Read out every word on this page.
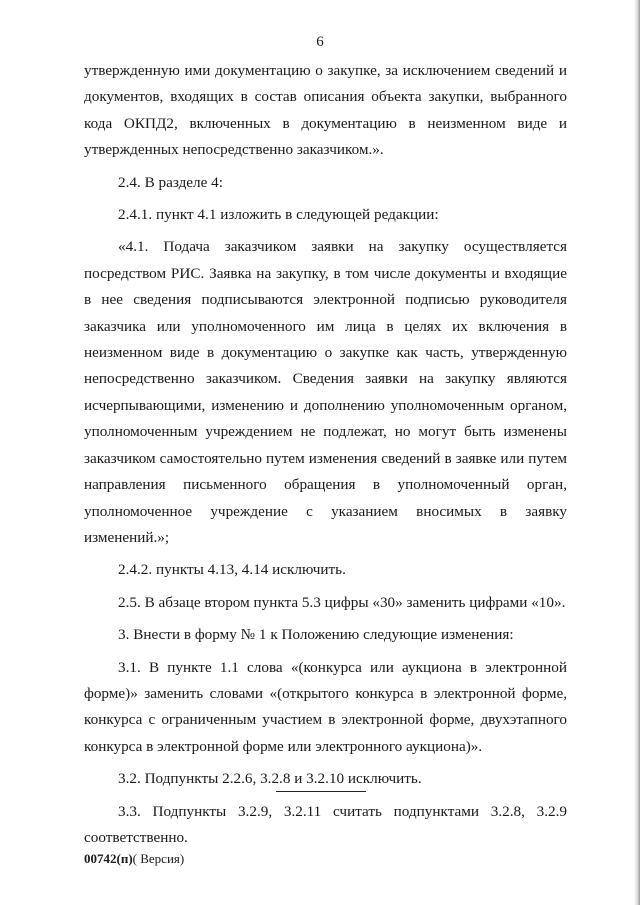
6

утвержденную ими документацию о закупке, за исключением сведений и документов, входящих в состав описания объекта закупки, выбранного кода ОКПД2, включенных в документацию в неизменном виде и утвержденных непосредственно заказчиком.».

2.4. В разделе 4:

2.4.1. пункт 4.1 изложить в следующей редакции:

«4.1. Подача заказчиком заявки на закупку осуществляется посредством РИС. Заявка на закупку, в том числе документы и входящие в нее сведения подписываются электронной подписью руководителя заказчика или уполномоченного им лица в целях их включения в неизменном виде в документацию о закупке как часть, утвержденную непосредственно заказчиком. Сведения заявки на закупку являются исчерпывающими, изменению и дополнению уполномоченным органом, уполномоченным учреждением не подлежат, но могут быть изменены заказчиком самостоятельно путем изменения сведений в заявке или путем направления письменного обращения в уполномоченный орган, уполномоченное учреждение с указанием вносимых в заявку изменений.»;

2.4.2. пункты 4.13, 4.14 исключить.

2.5. В абзаце втором пункта 5.3 цифры «30» заменить цифрами «10».

3. Внести в форму № 1 к Положению следующие изменения:

3.1. В пункте 1.1 слова «(конкурса или аукциона в электронной форме)» заменить словами «(открытого конкурса в электронной форме, конкурса с ограниченным участием в электронной форме, двухэтапного конкурса в электронной форме или электронного аукциона)».

3.2. Подпункты 2.2.6, 3.2.8 и 3.2.10 исключить.

3.3. Подпункты 3.2.9, 3.2.11 считать подпунктами 3.2.8, 3.2.9 соответственно.

00742(п)( Версия)
